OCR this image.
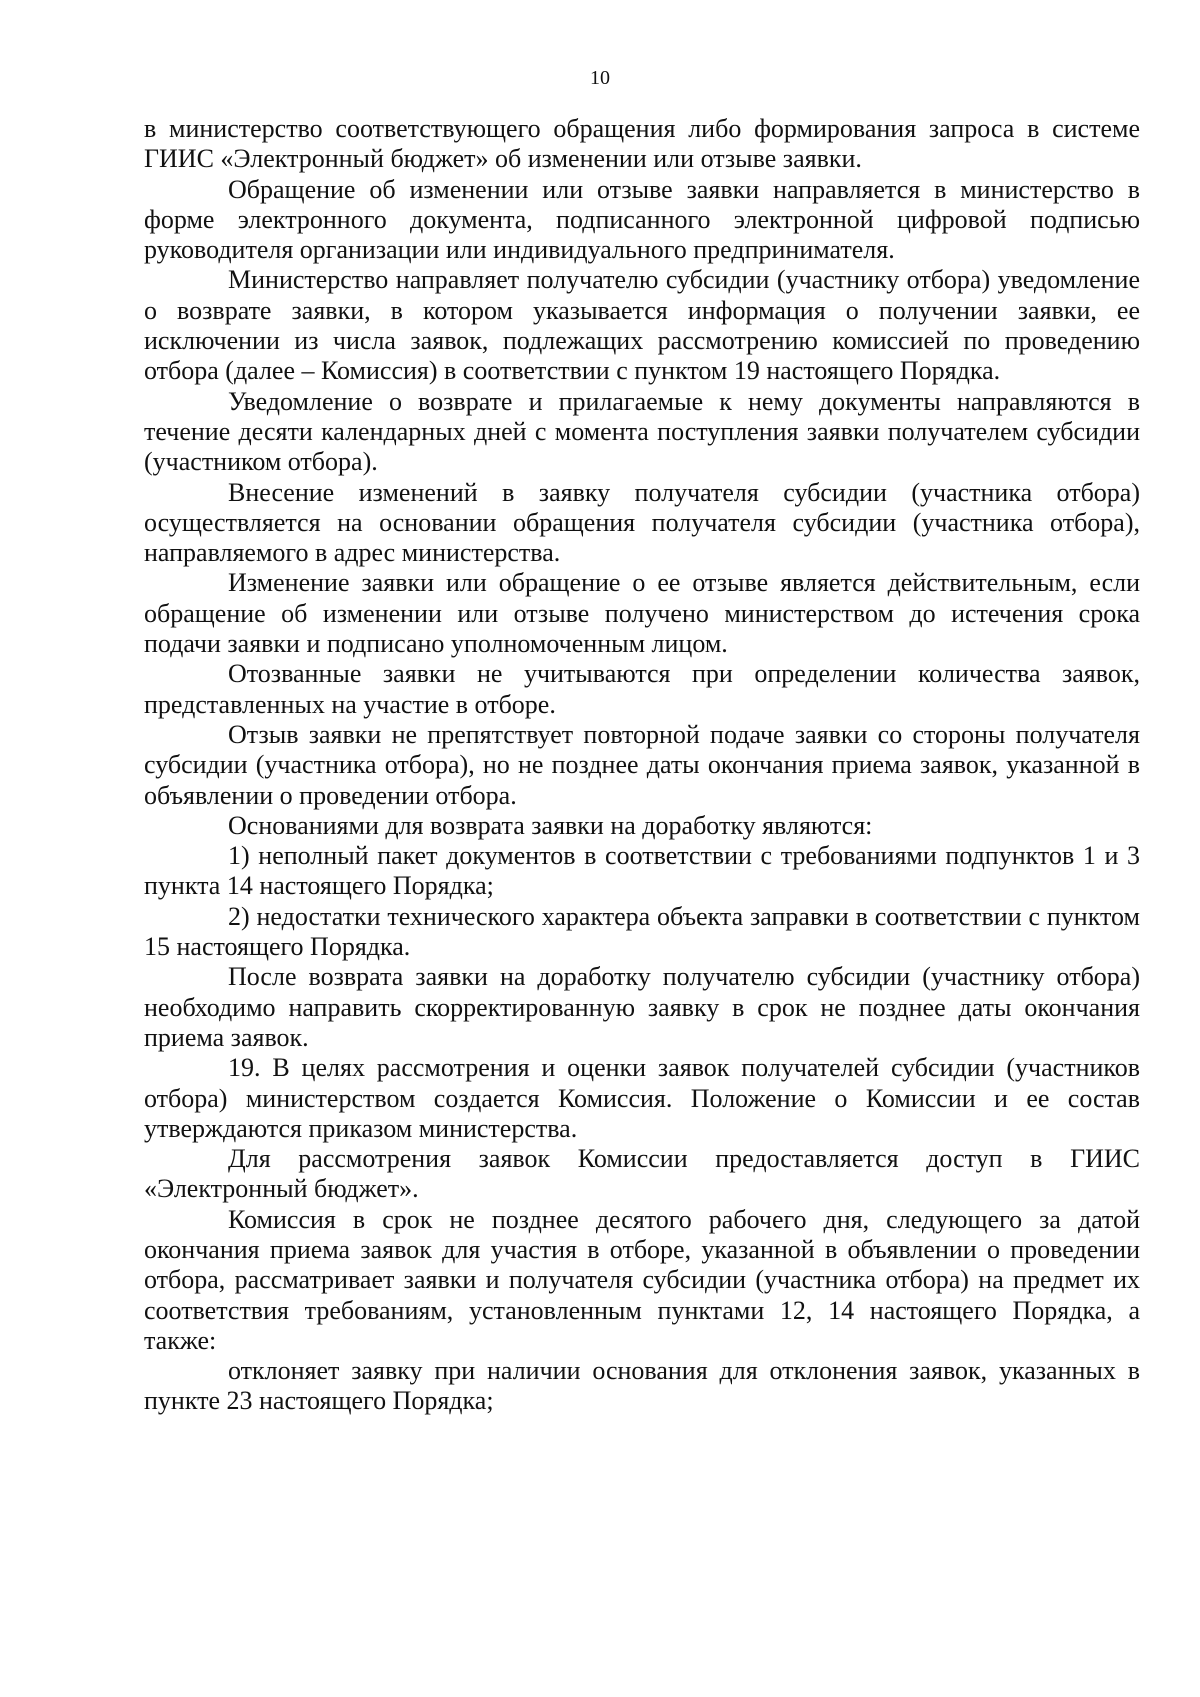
10

в министерство соответствующего обращения либо формирования запроса в системе ГИИС «Электронный бюджет» об изменении или отзыве заявки.

Обращение об изменении или отзыве заявки направляется в министерство в форме электронного документа, подписанного электронной цифровой подписью руководителя организации или индивидуального предпринимателя.

Министерство направляет получателю субсидии (участнику отбора) уведомление о возврате заявки, в котором указывается информация о получении заявки, ее исключении из числа заявок, подлежащих рассмотрению комиссией по проведению отбора (далее – Комиссия) в соответствии с пунктом 19 настоящего Порядка.

Уведомление о возврате и прилагаемые к нему документы направляются в течение десяти календарных дней с момента поступления заявки получателем субсидии (участником отбора).

Внесение изменений в заявку получателя субсидии (участника отбора) осуществляется на основании обращения получателя субсидии (участника отбора), направляемого в адрес министерства.

Изменение заявки или обращение о ее отзыве является действительным, если обращение об изменении или отзыве получено министерством до истечения срока подачи заявки и подписано уполномоченным лицом.

Отозванные заявки не учитываются при определении количества заявок, представленных на участие в отборе.

Отзыв заявки не препятствует повторной подаче заявки со стороны получателя субсидии (участника отбора), но не позднее даты окончания приема заявок, указанной в объявлении о проведении отбора.

Основаниями для возврата заявки на доработку являются:

1) неполный пакет документов в соответствии с требованиями подпунктов 1 и 3 пункта 14 настоящего Порядка;

2) недостатки технического характера объекта заправки в соответствии с пунктом 15 настоящего Порядка.

После возврата заявки на доработку получателю субсидии (участнику отбора) необходимо направить скорректированную заявку в срок не позднее даты окончания приема заявок.

19. В целях рассмотрения и оценки заявок получателей субсидии (участников отбора) министерством создается Комиссия. Положение о Комиссии и ее состав утверждаются приказом министерства.

Для рассмотрения заявок Комиссии предоставляется доступ в ГИИС «Электронный бюджет».

Комиссия в срок не позднее десятого рабочего дня, следующего за датой окончания приема заявок для участия в отборе, указанной в объявлении о проведении отбора, рассматривает заявки и получателя субсидии (участника отбора) на предмет их соответствия требованиям, установленным пунктами 12, 14 настоящего Порядка, а также:

отклоняет заявку при наличии основания для отклонения заявок, указанных в пункте 23 настоящего Порядка;
